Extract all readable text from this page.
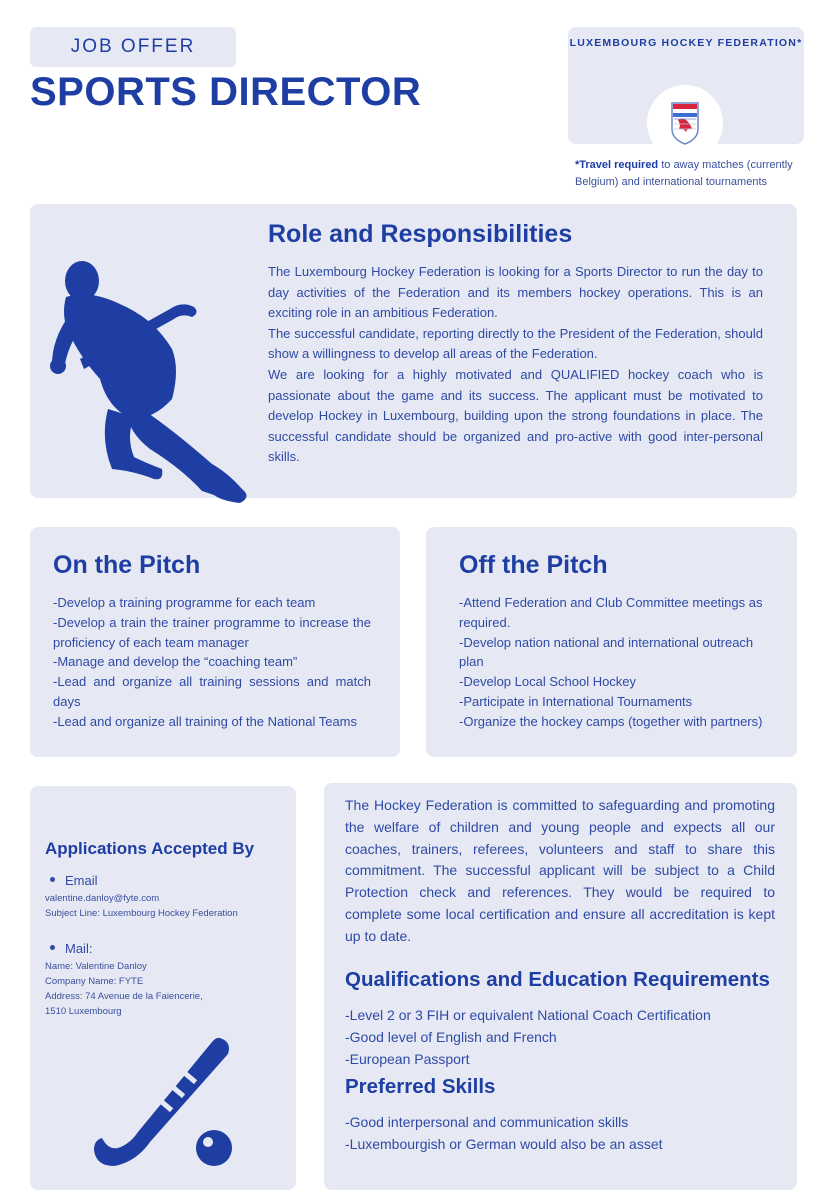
JOB OFFER
SPORTS DIRECTOR
LUXEMBOURG HOCKEY FEDERATION*
*Travel required to away matches (currently Belgium) and international tournaments
Role and Responsibilities
The Luxembourg Hockey Federation is looking for a Sports Director to run the day to day activities of the Federation and its members hockey operations. This is an exciting role in an ambitious Federation.
The successful candidate, reporting directly to the President of the Federation, should show a willingness to develop all areas of the Federation.
We are looking for a highly motivated and QUALIFIED hockey coach who is passionate about the game and its success. The applicant must be motivated to develop Hockey in Luxembourg, building upon the strong foundations in place. The successful candidate should be organized and pro-active with good inter-personal skills.
On the Pitch
-Develop a training programme for each team
-Develop a train the trainer programme to increase the proficiency of each team manager
-Manage and develop the “coaching team”
-Lead and organize all training sessions and match days
-Lead and organize all training of the National Teams
Off the Pitch
-Attend Federation and Club Committee meetings as required.
-Develop nation national and international outreach plan
-Develop Local School Hockey
-Participate in International Tournaments
-Organize the hockey camps (together with partners)
Applications Accepted By
Email
valentine.danloy@fyte.com
Subject Line: Luxembourg Hockey Federation
Mail:
Name: Valentine Danloy
Company Name: FYTE
Address: 74 Avenue de la Faiencerie,
1510 Luxembourg
The Hockey Federation is committed to safeguarding and promoting the welfare of children and young people and expects all our coaches, trainers, referees, volunteers and staff to share this commitment. The successful applicant will be subject to a Child Protection check and references. They would be required to complete some local certification and ensure all accreditation is kept up to date.
Qualifications and Education Requirements
-Level 2 or 3 FIH or equivalent National Coach Certification
-Good level of English and French
-European Passport
Preferred Skills
-Good interpersonal and communication skills
-Luxembourgish or German would also be an asset
